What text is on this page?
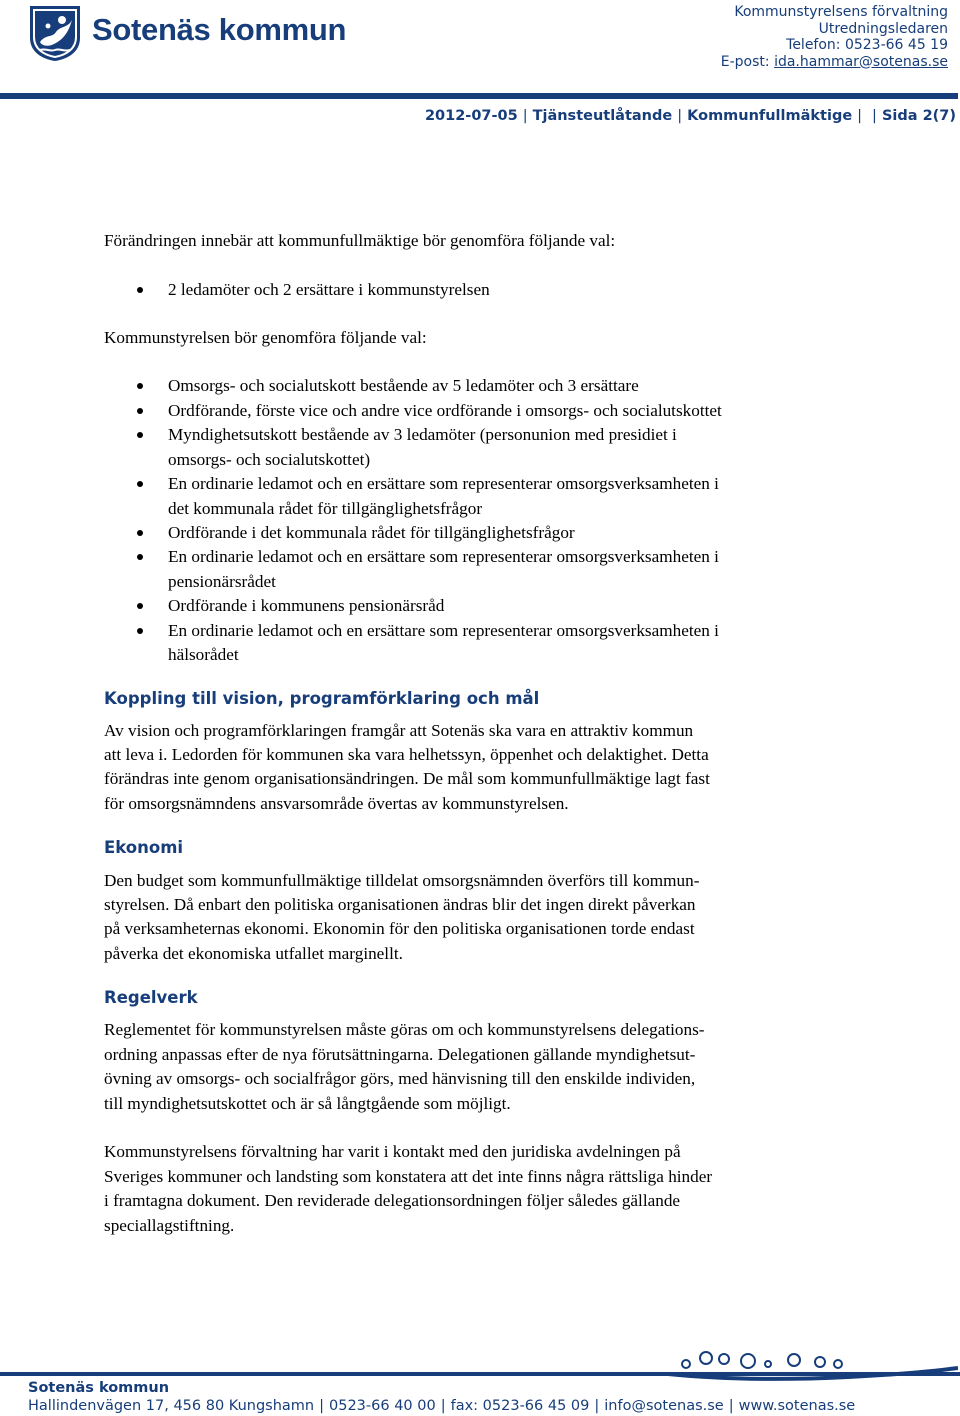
Sotenäs kommun	Kommunstyrelsens förvaltning
Utredningsledaren
Telefon: 0523-66 45 19
E-post: ida.hammar@sotenas.se
2012-07-05 | Tjänsteutlåtande | Kommunfullmäktige | | Sida 2(7)
Förändringen innebär att kommunfullmäktige bör genomföra följande val:
2 ledamöter och 2 ersättare i kommunstyrelsen
Kommunstyrelsen bör genomföra följande val:
Omsorgs- och socialutskott bestående av 5 ledamöter och 3 ersättare
Ordförande, förste vice och andre vice ordförande i omsorgs- och socialutskottet
Myndighetsutskott bestående av 3 ledamöter (personunion med presidiet i
omsorgs- och socialutskottet)
En ordinarie ledamot och en ersättare som representerar omsorgsverksamheten i
det kommunala rådet för tillgänglighetsfrågor
Ordförande i det kommunala rådet för tillgänglighetsfrågor
En ordinarie ledamot och en ersättare som representerar omsorgsverksamheten i
pensionärsrådet
Ordförande i kommunens pensionärsråd
En ordinarie ledamot och en ersättare som representerar omsorgsverksamheten i
hälsorådet
Koppling till vision, programförklaring och mål
Av vision och programförklaringen framgår att Sotenäs ska vara en attraktiv kommun
att leva i. Ledorden för kommunen ska vara helhetssyn, öppenhet och delaktighet. Detta
förändras inte genom organisationsändringen. De mål som kommunfullmäktige lagt fast
för omsorgsnämndens ansvarsområde övertas av kommunstyrelsen.
Ekonomi
Den budget som kommunfullmäktige tilldelat omsorgsnämnden överförs till kommun-
styrelsen. Då enbart den politiska organisationen ändras blir det ingen direkt påverkan
på verksamheternas ekonomi. Ekonomin för den politiska organisationen torde endast
påverka det ekonomiska utfallet marginellt.
Regelverk
Reglementet för kommunstyrelsen måste göras om och kommunstyrelsens delegations-
ordning anpassas efter de nya förutsättningarna. Delegationen gällande myndighetsut-
övning av omsorgs- och socialfrågor görs, med hänvisning till den enskilde individen,
till myndighetsutskottet och är så långtgående som möjligt.
Kommunstyrelsens förvaltning har varit i kontakt med den juridiska avdelningen på
Sveriges kommuner och landsting som konstatera att det inte finns några rättsliga hinder
i framtagna dokument. Den reviderade delegationsordningen följer således gällande
speciallagstiftning.
Sotenäs kommun
Hallindenvägen 17, 456 80 Kungshamn | 0523-66 40 00 | fax: 0523-66 45 09 | info@sotenas.se | www.sotenas.se
